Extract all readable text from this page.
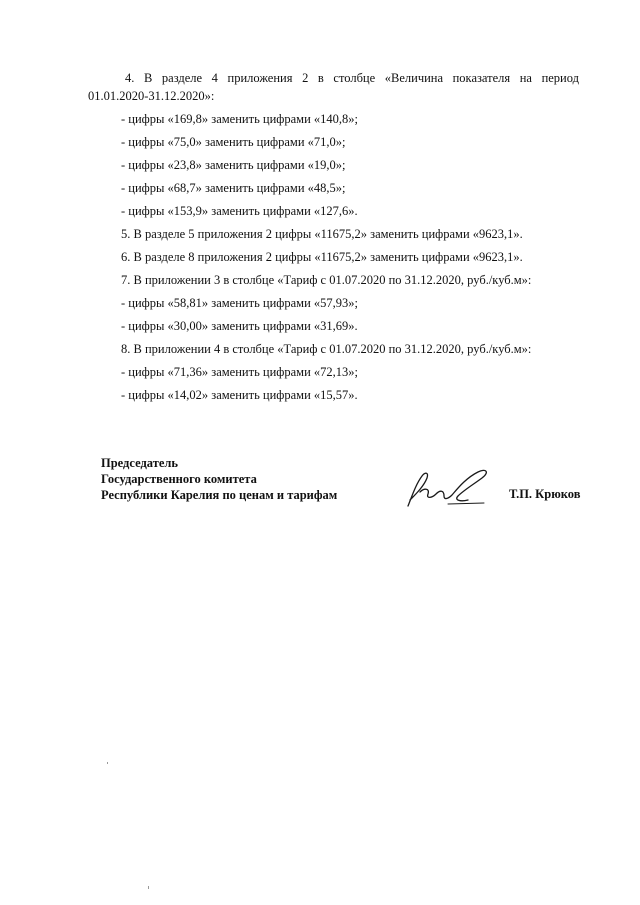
4. В разделе 4 приложения 2 в столбце «Величина показателя на период
01.01.2020-31.12.2020»:
- цифры «169,8» заменить цифрами «140,8»;
- цифры «75,0» заменить цифрами «71,0»;
- цифры «23,8» заменить цифрами «19,0»;
- цифры «68,7» заменить цифрами «48,5»;
- цифры «153,9» заменить цифрами «127,6».
5. В разделе 5 приложения 2 цифры «11675,2» заменить цифрами «9623,1».
6. В разделе 8 приложения 2 цифры «11675,2» заменить цифрами «9623,1».
7. В приложении 3 в столбце «Тариф с 01.07.2020 по 31.12.2020, руб./куб.м»:
- цифры «58,81» заменить цифрами «57,93»;
- цифры «30,00» заменить цифрами «31,69».
8. В приложении 4 в столбце «Тариф с 01.07.2020 по 31.12.2020, руб./куб.м»:
- цифры «71,36» заменить цифрами «72,13»;
- цифры «14,02» заменить цифрами «15,57».
Председатель
Государственного комитета
Республики Карелия по ценам и тарифам	Т.П. Крюков
